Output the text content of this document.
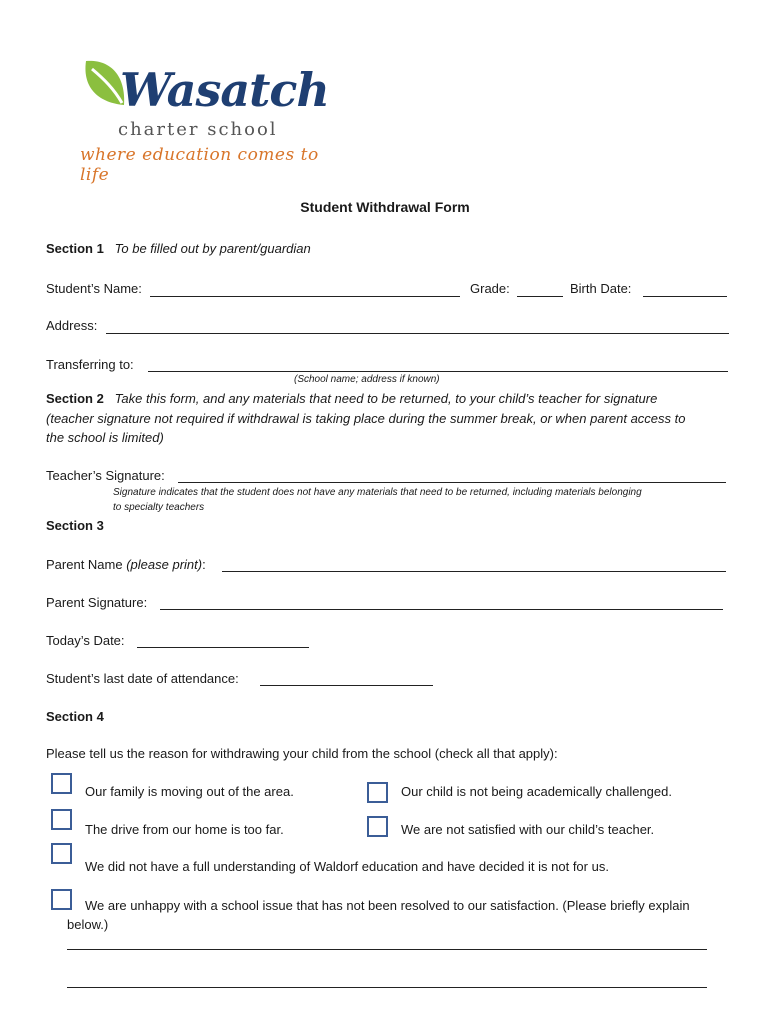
Wasatch
charter school
where education comes to life
Student Withdrawal Form
Section 1 To be filled out by parent/guardian
Student’s Name:	Grade:	Birth Date:
Address:
Transferring to:
(School name; address if known)
Section 2 Take this form, and any materials that need to be returned, to your child’s teacher for signature
(teacher signature not required if withdrawal is taking place during the summer break, or when parent access to
the school is limited)
Teacher’s Signature:
Signature indicates that the student does not have any materials that need to be returned, including materials belonging
to specialty teachers
Section 3
Parent Name (please print):
Parent Signature:
Today’s Date:
Student’s last date of attendance:
Section 4
Please tell us the reason for withdrawing your child from the school (check all that apply):
Our family is moving out of the area.	Our child is not being academically challenged.
The drive from our home is too far.	We are not satisfied with our child’s teacher.
We did not have a full understanding of Waldorf education and have decided it is not for us.
We are unhappy with a school issue that has not been resolved to our satisfaction. (Please briefly explain
below.)
